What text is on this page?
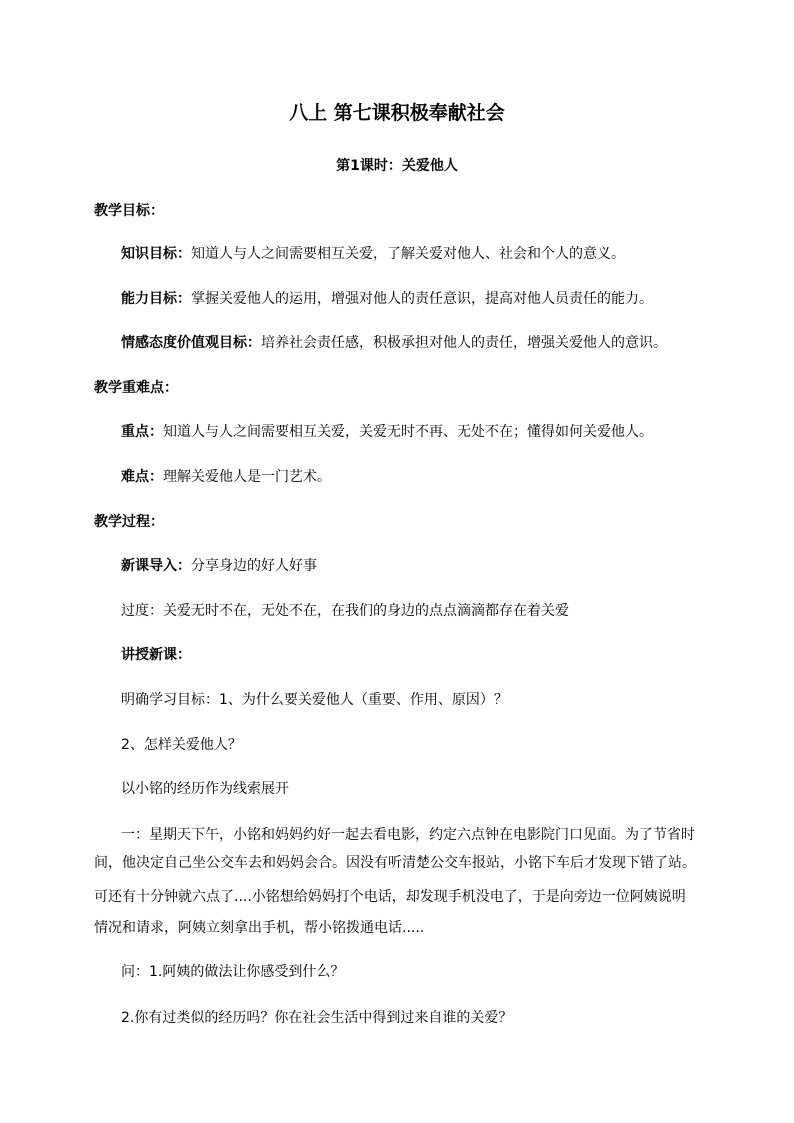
八上 第七课积极奉献社会
第1课时：关爱他人
教学目标：
知识目标：知道人与人之间需要相互关爱，了解关爱对他人、社会和个人的意义。
能力目标：掌握关爱他人的运用，增强对他人的责任意识，提高对他人员责任的能力。
情感态度价值观目标：培养社会责任感，积极承担对他人的责任，增强关爱他人的意识。
教学重难点：
重点：知道人与人之间需要相互关爱，关爱无时不再、无处不在；懂得如何关爱他人。
难点：理解关爱他人是一门艺术。
教学过程：
新课导入：分享身边的好人好事
过度：关爱无时不在，无处不在，在我们的身边的点点滴滴都存在着关爱
讲授新课：
明确学习目标：1、为什么要关爱他人（重要、作用、原因）？
2、怎样关爱他人？
以小铭的经历作为线索展开
一：星期天下午，小铭和妈妈约好一起去看电影，约定六点钟在电影院门口见面。为了节省时
间，他决定自己坐公交车去和妈妈会合。因没有听清楚公交车报站，小铭下车后才发现下错了站。
可还有十分钟就六点了....小铭想给妈妈打个电话，却发现手机没电了，于是向旁边一位阿姨说明
情况和请求，阿姨立刻拿出手机，帮小铭拨通电话.....
问：1.阿姨的做法让你感受到什么？
2.你有过类似的经历吗？你在社会生活中得到过来自谁的关爱？
